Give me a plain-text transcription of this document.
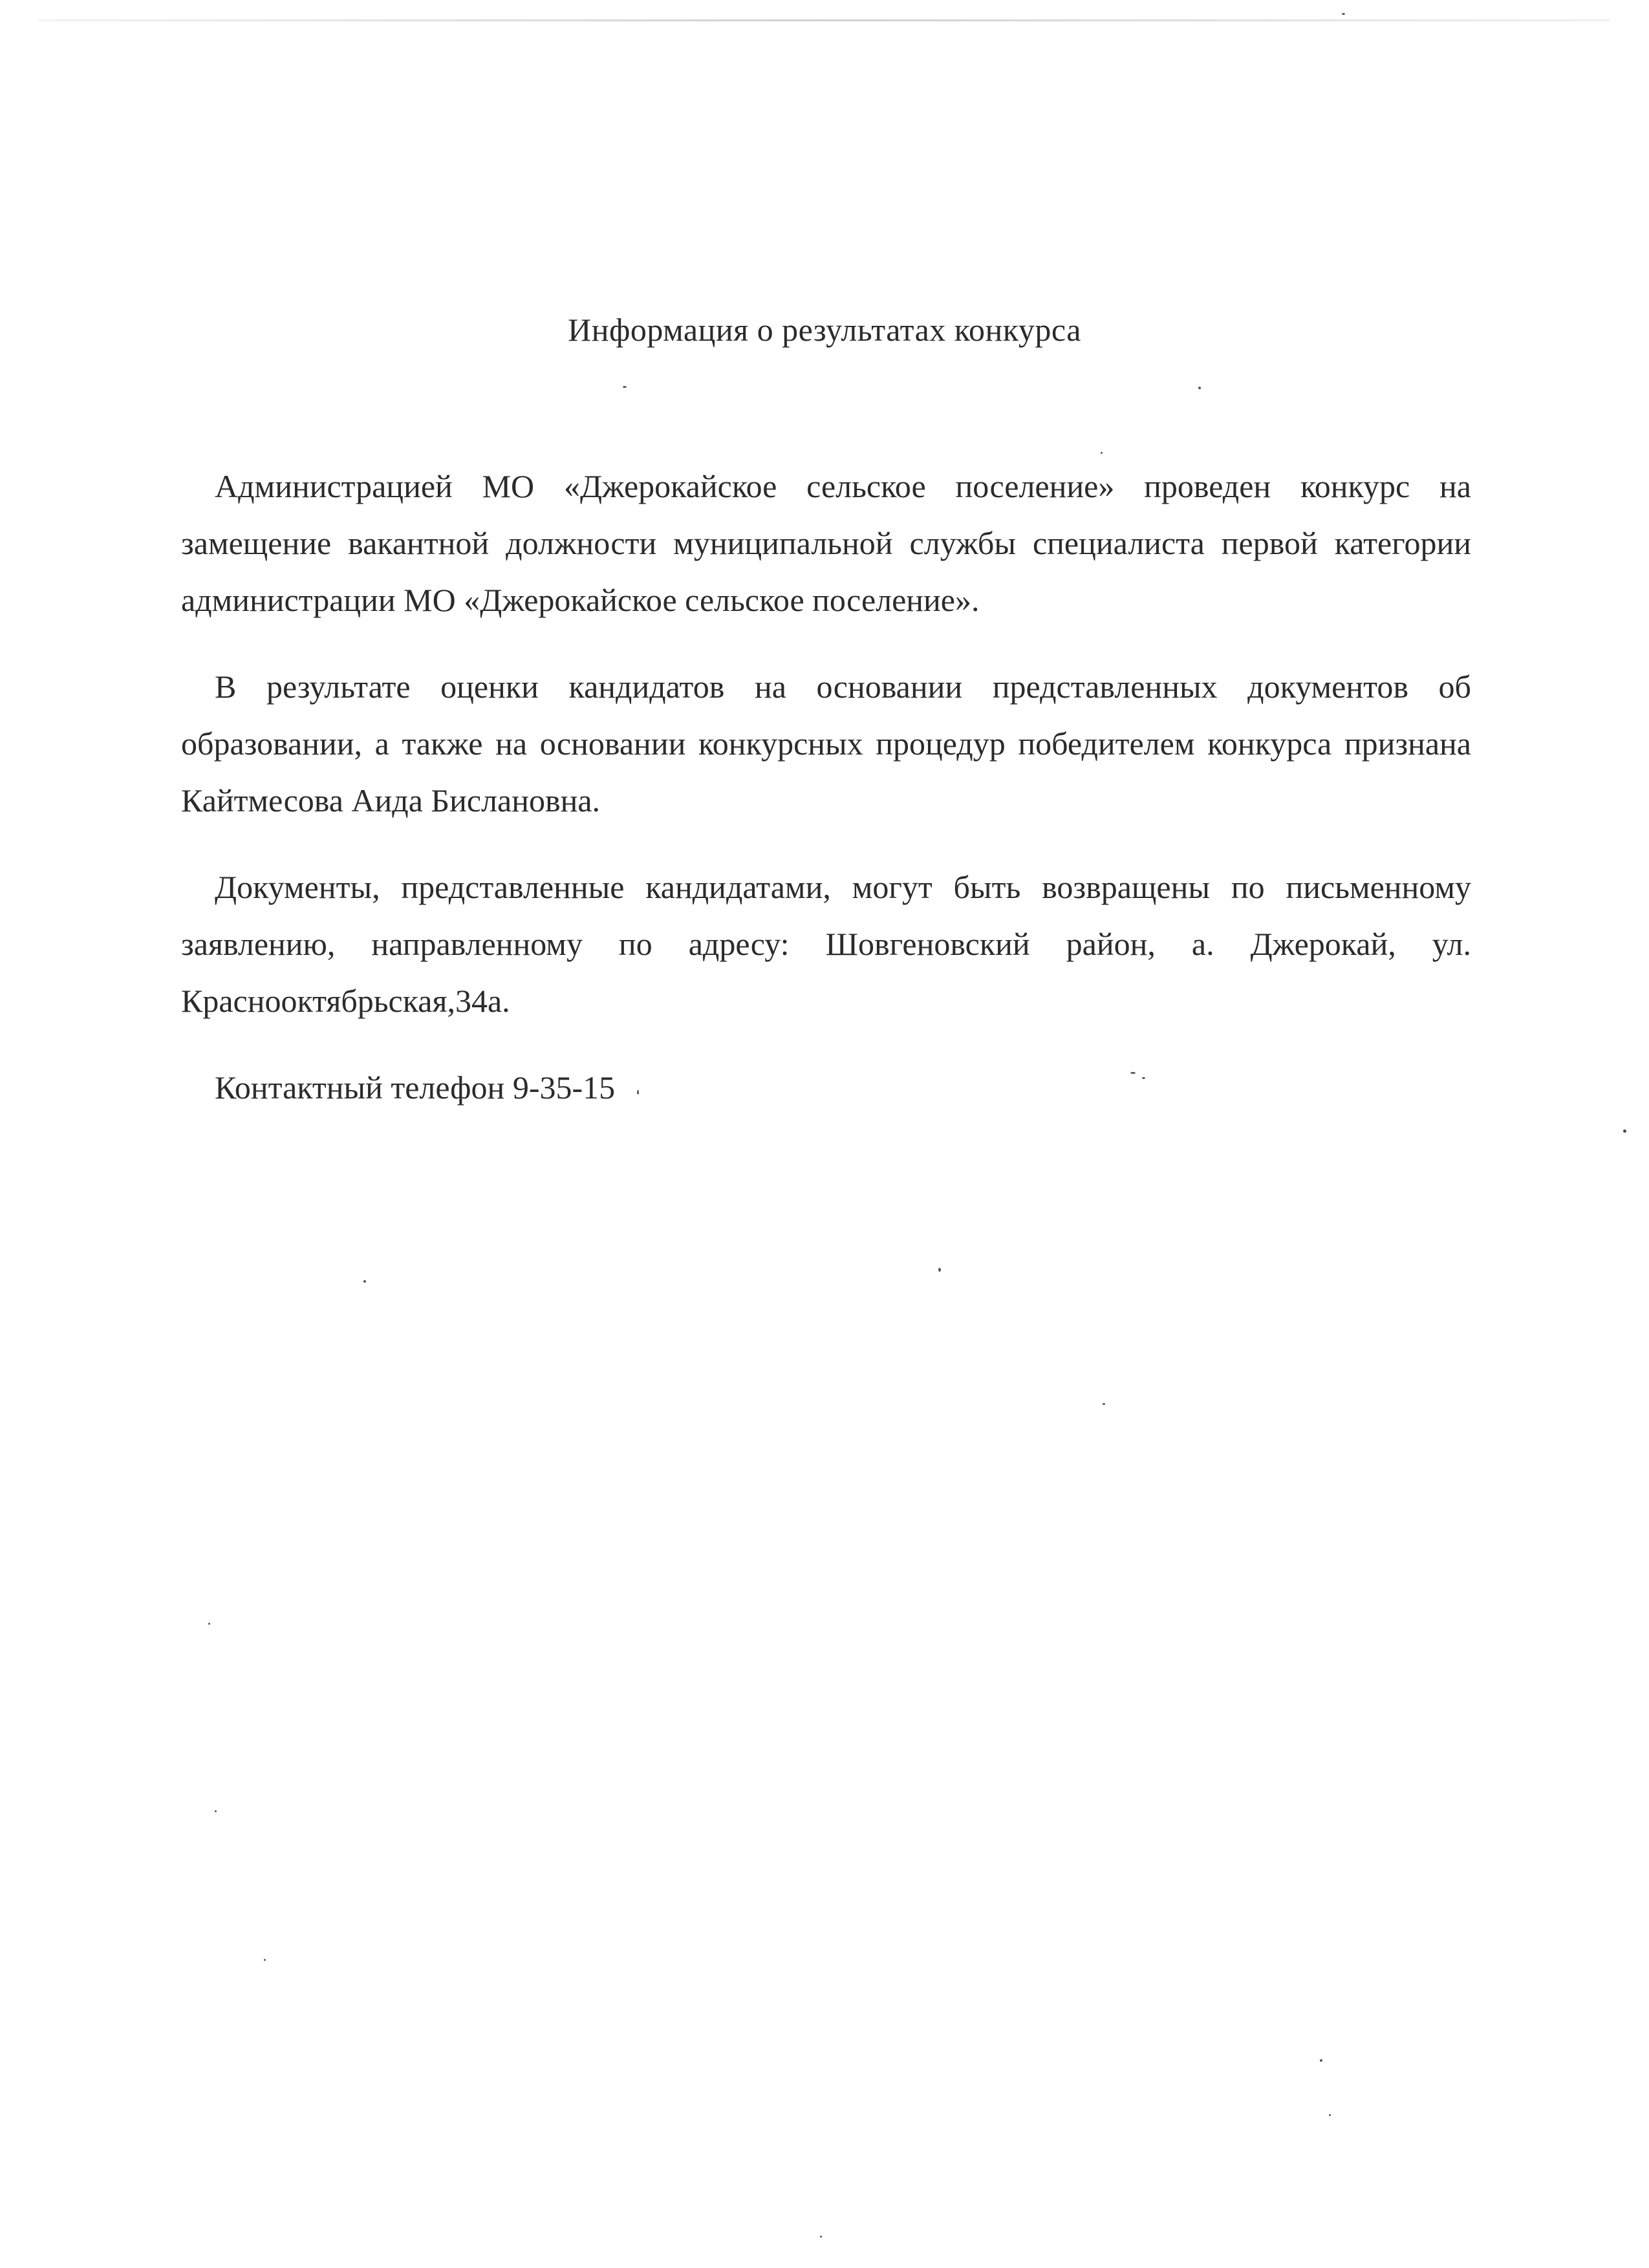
Информация о результатах конкурса

Администрацией МО «Джерокайское сельское поселение» проведен конкурс на замещение вакантной должности муниципальной службы специалиста первой категории администрации МО «Джерокайское сельское поселение».

В результате оценки кандидатов на основании представленных документов об образовании, а также на основании конкурсных процедур победителем конкурса признана Кайтмесова Аида Бислановна.

Документы, представленные кандидатами, могут быть возвращены по письменному заявлению, направленному по адресу: Шовгеновский район, а. Джерокай, ул. Краснооктябрьская,34а.

Контактный телефон 9-35-15
